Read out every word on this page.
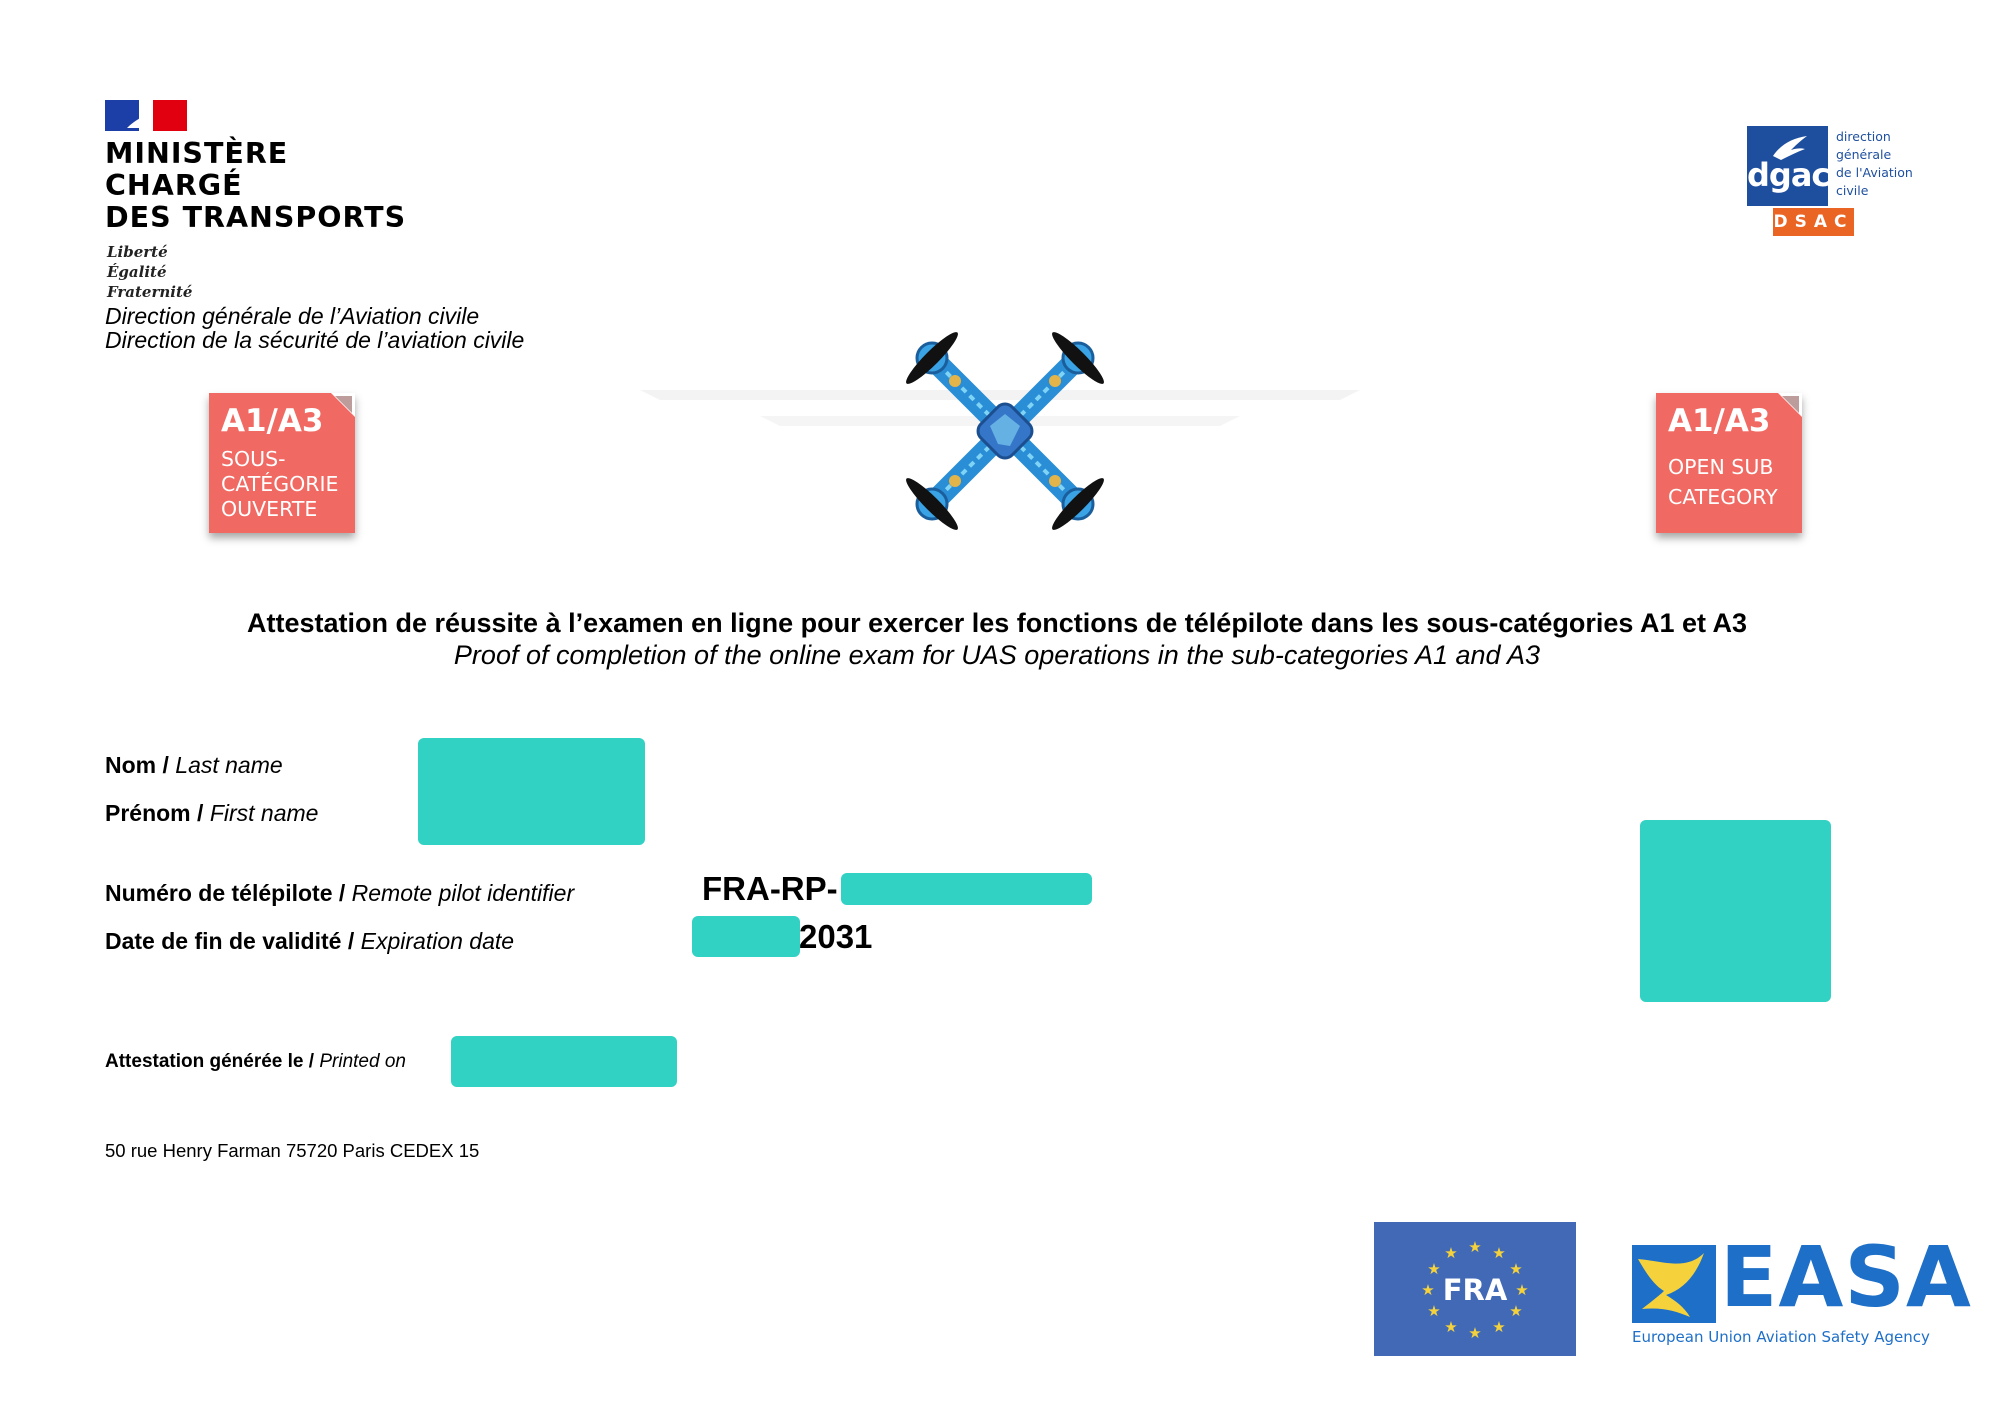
MINISTÈRE
CHARGÉ
DES TRANSPORTS
Liberté
Égalité
Fraternité
Direction générale de l’Aviation civile
Direction de la sécurité de l’aviation civile
dgac
direction
générale
de l'Aviation
civile
DSAC
A1/A3
SOUS-
CATÉGORIE
OUVERTE
A1/A3
OPEN SUB
CATEGORY
Attestation de réussite à l’examen en ligne pour exercer les fonctions de télépilote dans les sous-catégories A1 et A3
Proof of completion of the online exam for UAS operations in the sub-categories A1 and A3
Nom / Last name
Prénom / First name
Numéro de télépilote / Remote pilot identifier	FRA-RP-
Date de fin de validité / Expiration date	2031
Attestation générée le / Printed on
50 rue Henry Farman 75720 Paris CEDEX 15
★ ★
★
★
★
★
★
★
★
★
★
★
FRA	EASA
European Union Aviation Safety Agency
